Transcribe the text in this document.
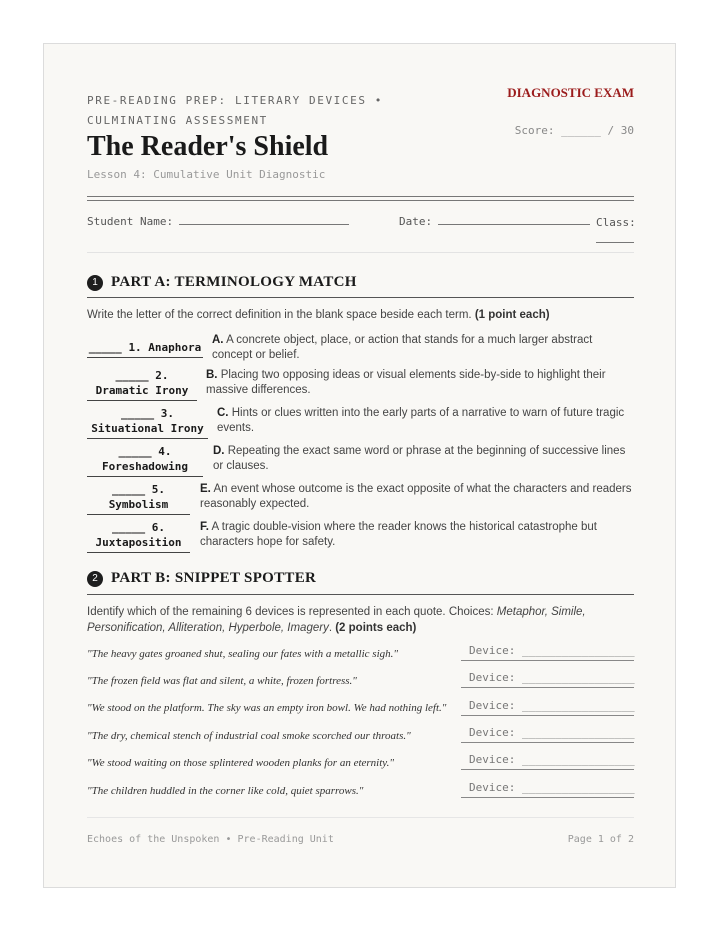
PRE-READING PREP: LITERARY DEVICES • CULMINATING ASSESSMENT
DIAGNOSTIC EXAM
Score: ______ / 30
The Reader's Shield
Lesson 4: Cumulative Unit Diagnostic
Student Name:	Date:	Class:
1 PART A: TERMINOLOGY MATCH
Write the letter of the correct definition in the blank space beside each term. (1 point each)
_____ 1. Anaphora
A. A concrete object, place, or action that stands for a much larger abstract concept or belief.
_____ 2. Dramatic Irony
B. Placing two opposing ideas or visual elements side-by-side to highlight their massive differences.
_____ 3. Situational Irony
C. Hints or clues written into the early parts of a narrative to warn of future tragic events.
_____ 4. Foreshadowing
D. Repeating the exact same word or phrase at the beginning of successive lines or clauses.
_____ 5. Symbolism
E. An event whose outcome is the exact opposite of what the characters and readers reasonably expected.
_____ 6. Juxtaposition
F. A tragic double-vision where the reader knows the historical catastrophe but characters hope for safety.
2 PART B: SNIPPET SPOTTER
Identify which of the remaining 6 devices is represented in each quote. Choices: Metaphor, Simile, Personification, Alliteration, Hyperbole, Imagery. (2 points each)
"The heavy gates groaned shut, sealing our fates with a metallic sigh."	Device: _________________
"The frozen field was flat and silent, a white, frozen fortress."	Device: _________________
"We stood on the platform. The sky was an empty iron bowl. We had nothing left."	Device: _________________
"The dry, chemical stench of industrial coal smoke scorched our throats."	Device: _________________
"We stood waiting on those splintered wooden planks for an eternity."	Device: _________________
"The children huddled in the corner like cold, quiet sparrows."	Device: _________________
Echoes of the Unspoken • Pre-Reading Unit	Page 1 of 2
